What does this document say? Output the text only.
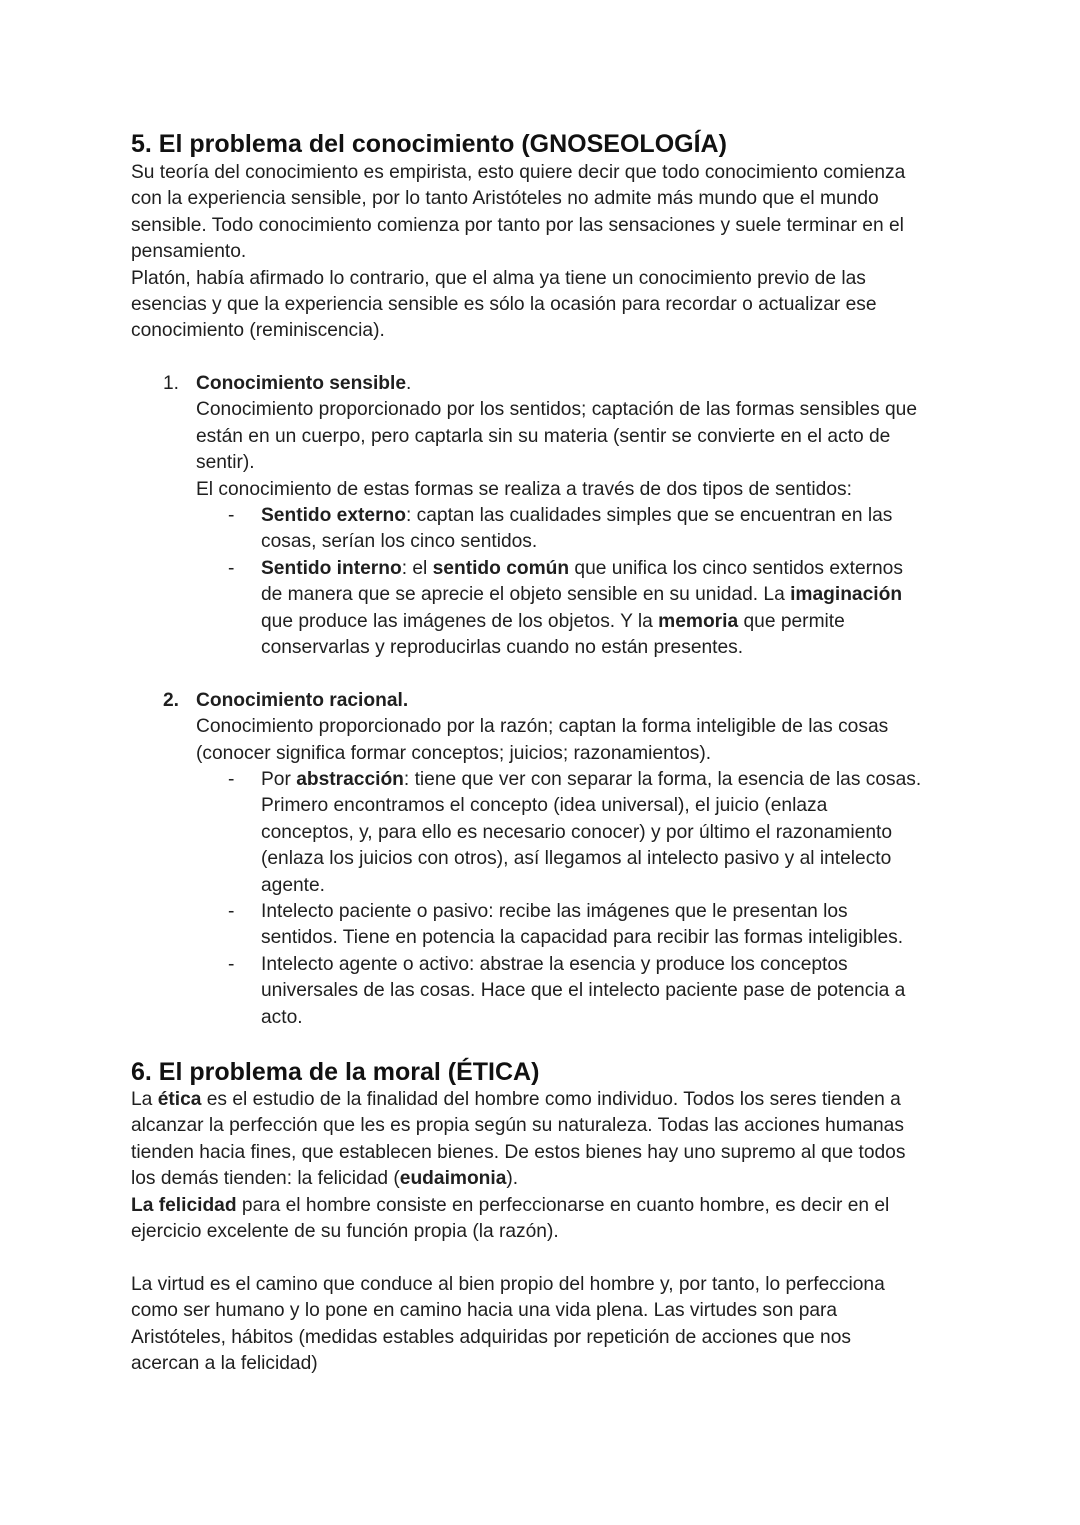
5. El problema del conocimiento (GNOSEOLOGÍA)
Su teoría del conocimiento es empirista, esto quiere decir que todo conocimiento comienza
con la experiencia sensible, por lo tanto Aristóteles no admite más mundo que el mundo
sensible. Todo conocimiento comienza por tanto por las sensaciones y suele terminar en el
pensamiento.
Platón, había afirmado lo contrario, que el alma ya tiene un conocimiento previo de las
esencias y que la experiencia sensible es sólo la ocasión para recordar o actualizar ese
conocimiento (reminiscencia).
1. Conocimiento sensible.
Conocimiento proporcionado por los sentidos; captación de las formas sensibles que
están en un cuerpo, pero captarla sin su materia (sentir se convierte en el acto de
sentir).
El conocimiento de estas formas se realiza a través de dos tipos de sentidos:
- Sentido externo: captan las cualidades simples que se encuentran en las
cosas, serían los cinco sentidos.
- Sentido interno: el sentido común que unifica los cinco sentidos externos
de manera que se aprecie el objeto sensible en su unidad. La imaginación
que produce las imágenes de los objetos. Y la memoria que permite
conservarlas y reproducirlas cuando no están presentes.
2. Conocimiento racional.
Conocimiento proporcionado por la razón; captan la forma inteligible de las cosas
(conocer significa formar conceptos; juicios; razonamientos).
- Por abstracción: tiene que ver con separar la forma, la esencia de las cosas.
Primero encontramos el concepto (idea universal), el juicio (enlaza
conceptos, y, para ello es necesario conocer) y por último el razonamiento
(enlaza los juicios con otros), así llegamos al intelecto pasivo y al intelecto
agente.
- Intelecto paciente o pasivo: recibe las imágenes que le presentan los
sentidos. Tiene en potencia la capacidad para recibir las formas inteligibles.
- Intelecto agente o activo: abstrae la esencia y produce los conceptos
universales de las cosas. Hace que el intelecto paciente pase de potencia a
acto.
6. El problema de la moral (ÉTICA)
La ética es el estudio de la finalidad del hombre como individuo. Todos los seres tienden a
alcanzar la perfección que les es propia según su naturaleza. Todas las acciones humanas
tienden hacia fines, que establecen bienes. De estos bienes hay uno supremo al que todos
los demás tienden: la felicidad (eudaimonia).
La felicidad para el hombre consiste en perfeccionarse en cuanto hombre, es decir en el
ejercicio excelente de su función propia (la razón).
La virtud es el camino que conduce al bien propio del hombre y, por tanto, lo perfecciona
como ser humano y lo pone en camino hacia una vida plena. Las virtudes son para
Aristóteles, hábitos (medidas estables adquiridas por repetición de acciones que nos
acercan a la felicidad)
